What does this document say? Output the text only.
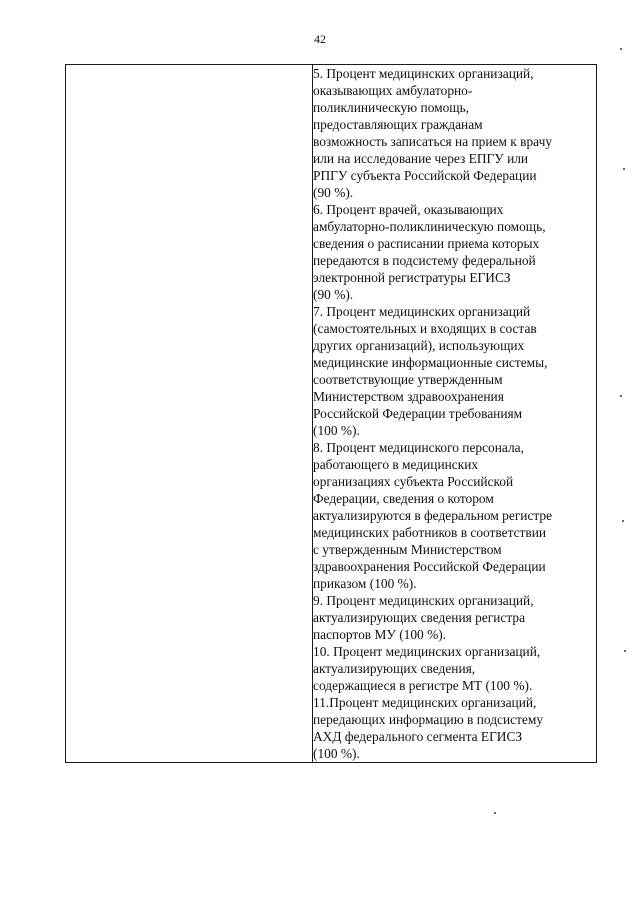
42

5. Процент медицинских организаций,
оказывающих амбулаторно-
поликлиническую помощь,
предоставляющих гражданам
возможность записаться на прием к врачу
или на исследование через ЕПГУ или
РПГУ субъекта Российской Федерации
(90 %).

6. Процент врачей, оказывающих
амбулаторно-поликлиническую помощь,
сведения о расписании приема которых
передаются в подсистему федеральной
электронной регистратуры ЕГИСЗ
(90 %).

7. Процент медицинских организаций
(самостоятельных и входящих в состав
других организаций), использующих
медицинские информационные системы,
соответствующие утвержденным
Министерством здравоохранения
Российской Федерации требованиям
(100 %).

8. Процент медицинского персонала,
работающего в медицинских
организациях субъекта Российской
Федерации, сведения о котором
актуализируются в федеральном регистре
медицинских работников в соответствии
с утвержденным Министерством
здравоохранения Российской Федерации
приказом (100 %).

9. Процент медицинских организаций,
актуализирующих сведения регистра
паспортов МУ (100 %).

10. Процент медицинских организаций,
актуализирующих сведения,
содержащиеся в регистре МТ (100 %).

11.Процент медицинских организаций,
передающих информацию в подсистему
АХД федерального сегмента ЕГИСЗ
(100 %).
